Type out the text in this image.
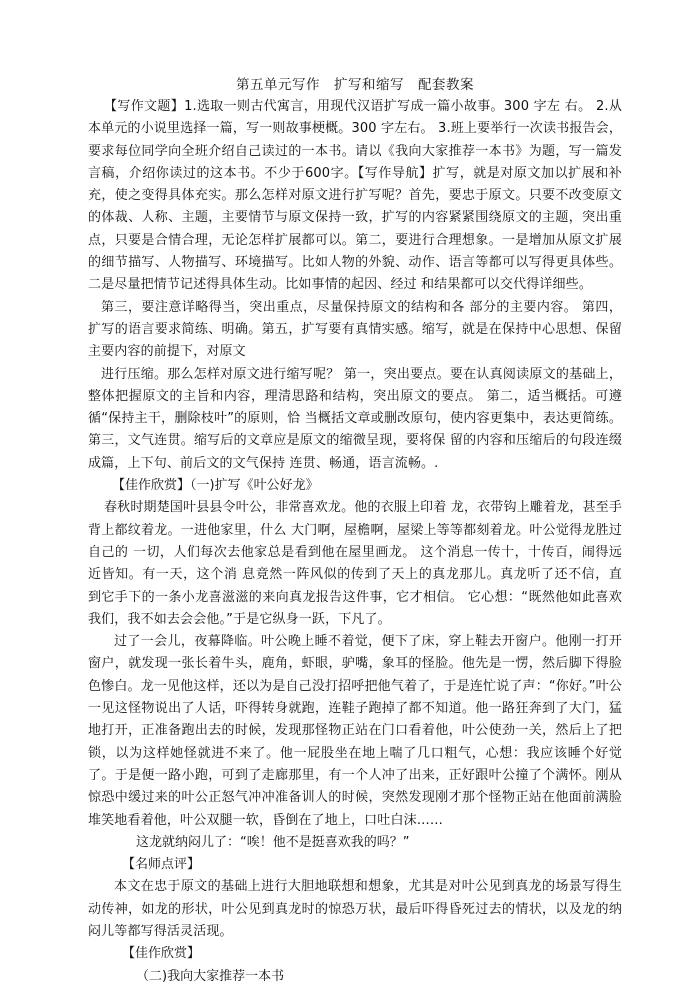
第五单元写作　扩写和缩写　配套教案

【写作文题】1.选取一则古代寓言，用现代汉语扩写成一篇小故事。300 字左 右。 2.从本单元的小说里选择一篇，写一则故事梗概。300 字左右。 3.班上要举行一次读书报告会，要求每位同学向全班介绍自己读过的一本书。请以《我向大家推荐一本书》为题，写一篇发言稿，介绍你读过的这本书。不少于600字。【写作导航】扩写，就是对原文加以扩展和补充，使之变得具体充实。那么怎样对原文进行扩写呢？首先，要忠于原文。只要不改变原文的体裁、人称、主题，主要情节与原文保持一致，扩写的内容紧紧围绕原文的主题，突出重点，只要是合情合理，无论怎样扩展都可以。第二，要进行合理想象。一是增加从原文扩展的细节描写、人物描写、环境描写。比如人物的外貌、动作、语言等都可以写得更具体些。二是尽量把情节记述得具体生动。比如事情的起因、经过 和结果都可以交代得详细些。

第三，要注意详略得当，突出重点，尽量保持原文的结构和各 部分的主要内容。 第四，扩写的语言要求简练、明确。第五，扩写要有真情实感。缩写，就是在保持中心思想、保留主要内容的前提下，对原文

进行压缩。那么怎样对原文进行缩写呢？ 第一，突出要点。要在认真阅读原文的基础上，整体把握原文的主旨和内容，理清思路和结构，突出原文的要点。 第二，适当概括。可遵循“保持主干，删除枝叶”的原则，恰 当概括文章或删改原句，使内容更集中，表达更简练。 第三，文气连贯。缩写后的文章应是原文的缩微呈现，要将保 留的内容和压缩后的句段连缀成篇，上下句、前后文的文气保持 连贯、畅通，语言流畅。.

【佳作欣赏】（一)扩写《叶公好龙》

春秋时期楚国叶县县令叶公，非常喜欢龙。他的衣服上印着 龙，衣带钩上雕着龙，甚至手背上都纹着龙。一进他家里，什么 大门啊，屋檐啊，屋梁上等等都刻着龙。叶公觉得龙胜过自己的 一切，人们每次去他家总是看到他在屋里画龙。 这个消息一传十，十传百，闹得远近皆知。有一天，这个消 息竟然一阵风似的传到了天上的真龙那儿。真龙听了还不信，直 到它手下的一条小龙喜滋滋的来向真龙报告这件事，它才相信。 它心想：“既然他如此喜欢我们，我不如去会会他。”于是它纵身一跃，下凡了。

过了一会儿，夜幕降临。叶公晚上睡不着觉，便下了床，穿上鞋去开窗户。他刚一打开窗户，就发现一张长着牛头，鹿角，虾眼，驴嘴，象耳的怪脸。他先是一愣，然后脚下得脸色惨白。龙一见他这样，还以为是自己没打招呼把他气着了，于是连忙说了声：“你好。”叶公一见这怪物说出了人话，吓得转身就跑，连鞋子跑掉了都不知道。他一路狂奔到了大门，猛地打开，正准备跑出去的时候，发现那怪物正站在门口看着他，叶公使劲一关，然后上了把锁，以为这样她怪就进不来了。他一屁股坐在地上喘了几口粗气，心想：我应该睡个好觉了。于是便一路小跑，可到了走廊那里，有一个人冲了出来，正好跟叶公撞了个满怀。刚从惊恐中缓过来的叶公正怒气冲冲准备训人的时候，突然发现刚才那个怪物正站在他面前满脸堆笑地看着他，叶公双腿一软，昏倒在了地上，口吐白沫……

这龙就纳闷儿了：“唉！他不是挺喜欢我的吗？”

【名师点评】

本文在忠于原文的基础上进行大胆地联想和想象，尤其是对叶公见到真龙的场景写得生动传神，如龙的形状，叶公见到真龙时的惊恐万状，最后吓得昏死过去的情状，以及龙的纳闷儿等都写得活灵活现。

【佳作欣赏】

（二)我向大家推荐一本书
